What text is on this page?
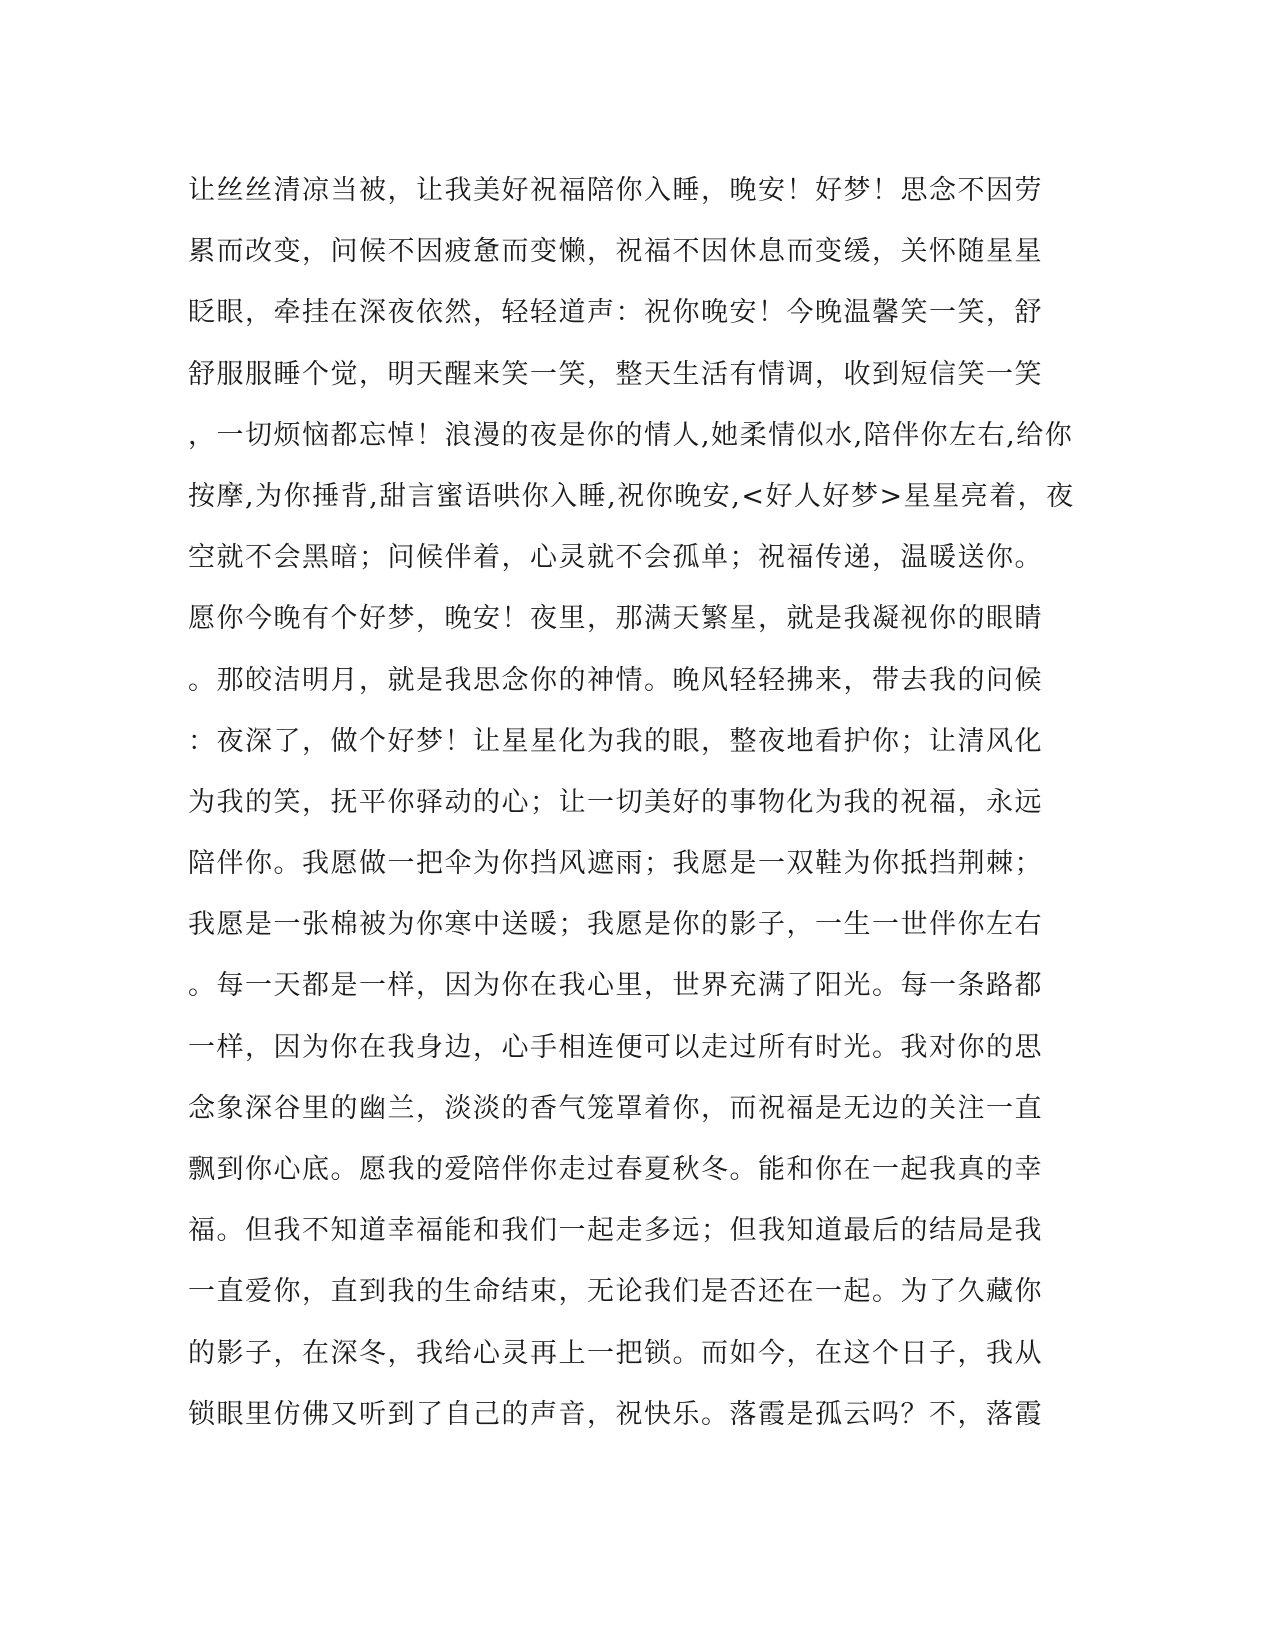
让丝丝清凉当被，让我美好祝福陪你入睡，晚安！好梦！思念不因劳
累而改变，问候不因疲惫而变懒，祝福不因休息而变缓，关怀随星星
眨眼，牵挂在深夜依然，轻轻道声：祝你晚安！今晚温馨笑一笑，舒
舒服服睡个觉，明天醒来笑一笑，整天生活有情调，收到短信笑一笑
，一切烦恼都忘悼！浪漫的夜是你的情人,她柔情似水,陪伴你左右,给你
按摩,为你捶背,甜言蜜语哄你入睡,祝你晚安,<好人好梦>星星亮着，夜
空就不会黑暗；问候伴着，心灵就不会孤单；祝福传递，温暖送你。
愿你今晚有个好梦，晚安！夜里，那满天繁星，就是我凝视你的眼睛
。那皎洁明月，就是我思念你的神情。晚风轻轻拂来，带去我的问候
：夜深了，做个好梦！让星星化为我的眼，整夜地看护你；让清风化
为我的笑，抚平你驿动的心；让一切美好的事物化为我的祝福，永远
陪伴你。我愿做一把伞为你挡风遮雨；我愿是一双鞋为你抵挡荆棘；
我愿是一张棉被为你寒中送暖；我愿是你的影子，一生一世伴你左右
。每一天都是一样，因为你在我心里，世界充满了阳光。每一条路都
一样，因为你在我身边，心手相连便可以走过所有时光。我对你的思
念象深谷里的幽兰，淡淡的香气笼罩着你，而祝福是无边的关注一直
飘到你心底。愿我的爱陪伴你走过春夏秋冬。能和你在一起我真的幸
福。但我不知道幸福能和我们一起走多远；但我知道最后的结局是我
一直爱你，直到我的生命结束，无论我们是否还在一起。为了久藏你
的影子，在深冬，我给心灵再上一把锁。而如今，在这个日子，我从
锁眼里仿佛又听到了自己的声音，祝快乐。落霞是孤云吗？不，落霞
